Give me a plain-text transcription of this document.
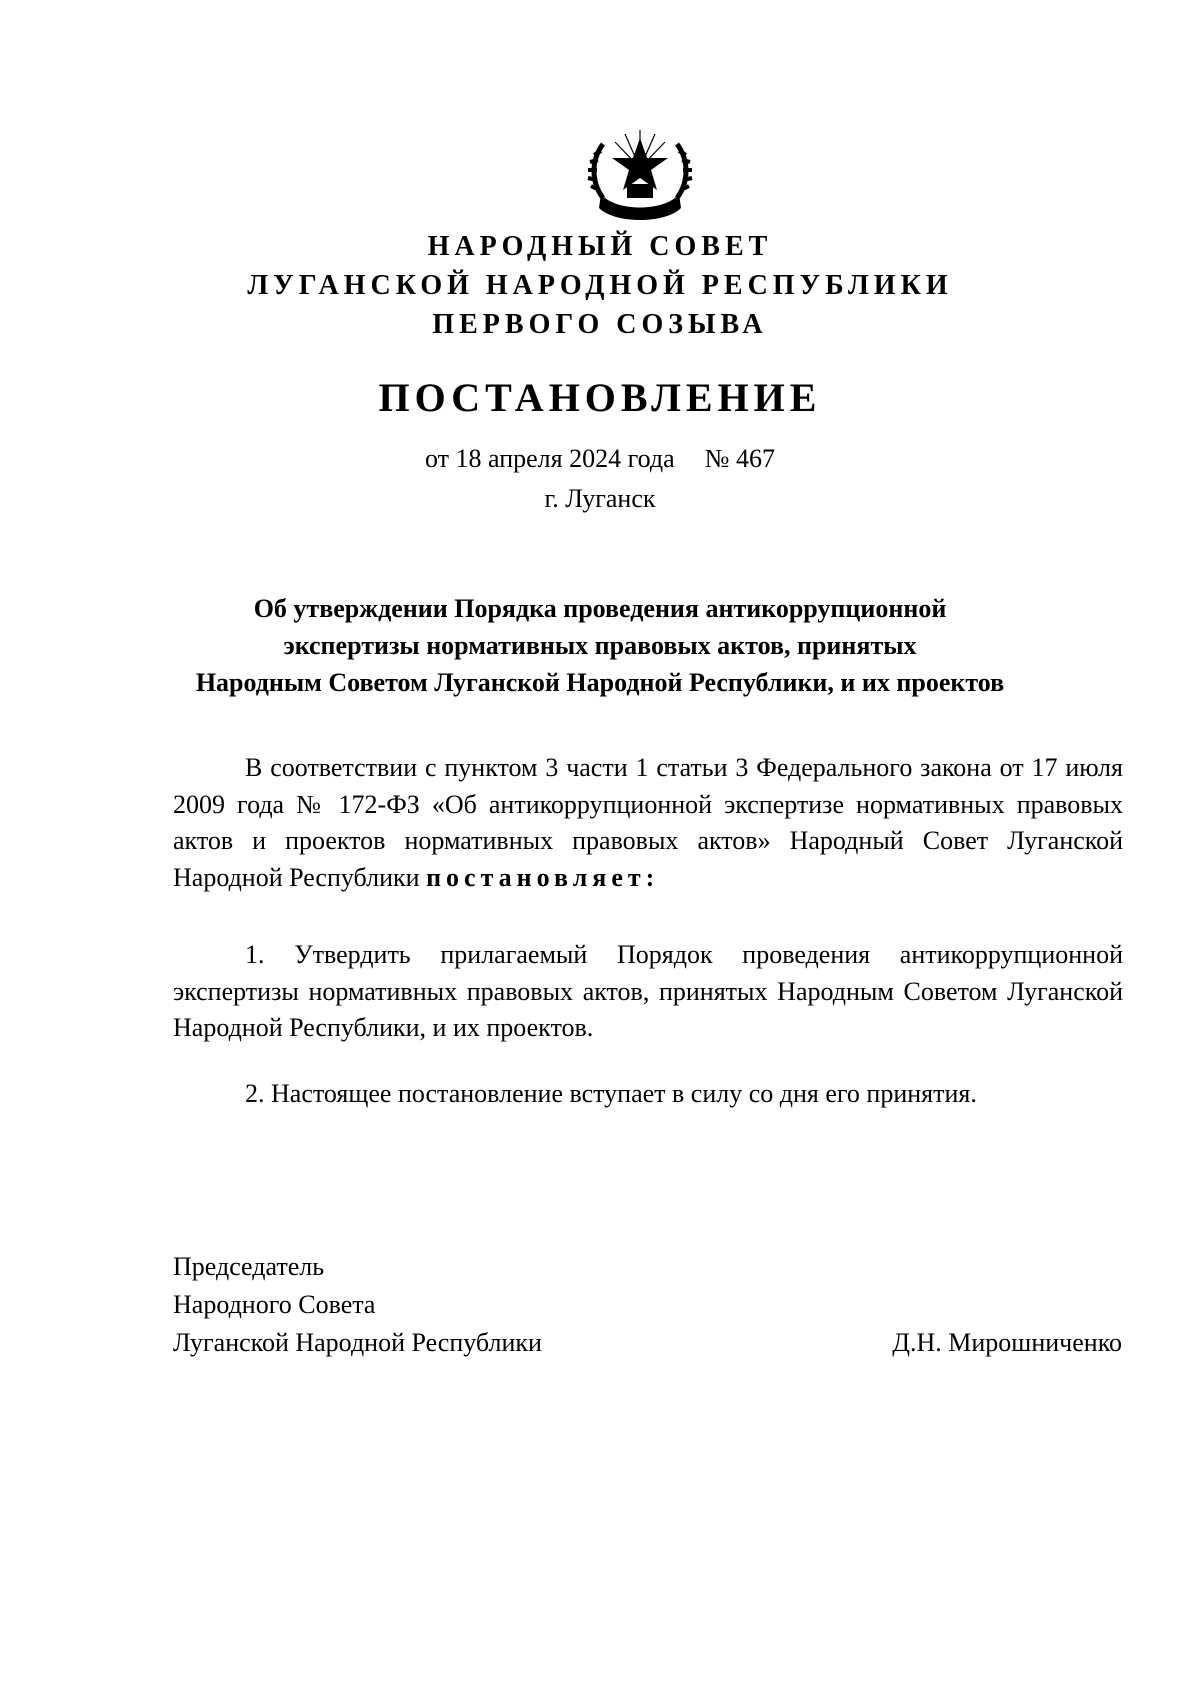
НАРОДНЫЙ СОВЕТ

ЛУГАНСКОЙ НАРОДНОЙ РЕСПУБЛИКИ

ПЕРВОГО СОЗЫВА

ПОСТАНОВЛЕНИЕ

от 18 апреля 2024 года № 467

г. Луганск

Об утверждении Порядка проведения антикоррупционной
экспертизы нормативных правовых актов, принятых
Народным Советом Луганской Народной Республики, и их проектов

В соответствии с пунктом 3 части 1 статьи 3 Федерального закона от 17 июля 2009 года № 172-ФЗ «Об антикоррупционной экспертизе нормативных правовых актов и проектов нормативных правовых актов» Народный Совет Луганской Народной Республики постановляет:

1. Утвердить прилагаемый Порядок проведения антикоррупционной экспертизы нормативных правовых актов, принятых Народным Советом Луганской Народной Республики, и их проектов.

2. Настоящее постановление вступает в силу со дня его принятия.

Председатель
Народного Совета
Луганской Народной Республики	Д.Н. Мирошниченко
